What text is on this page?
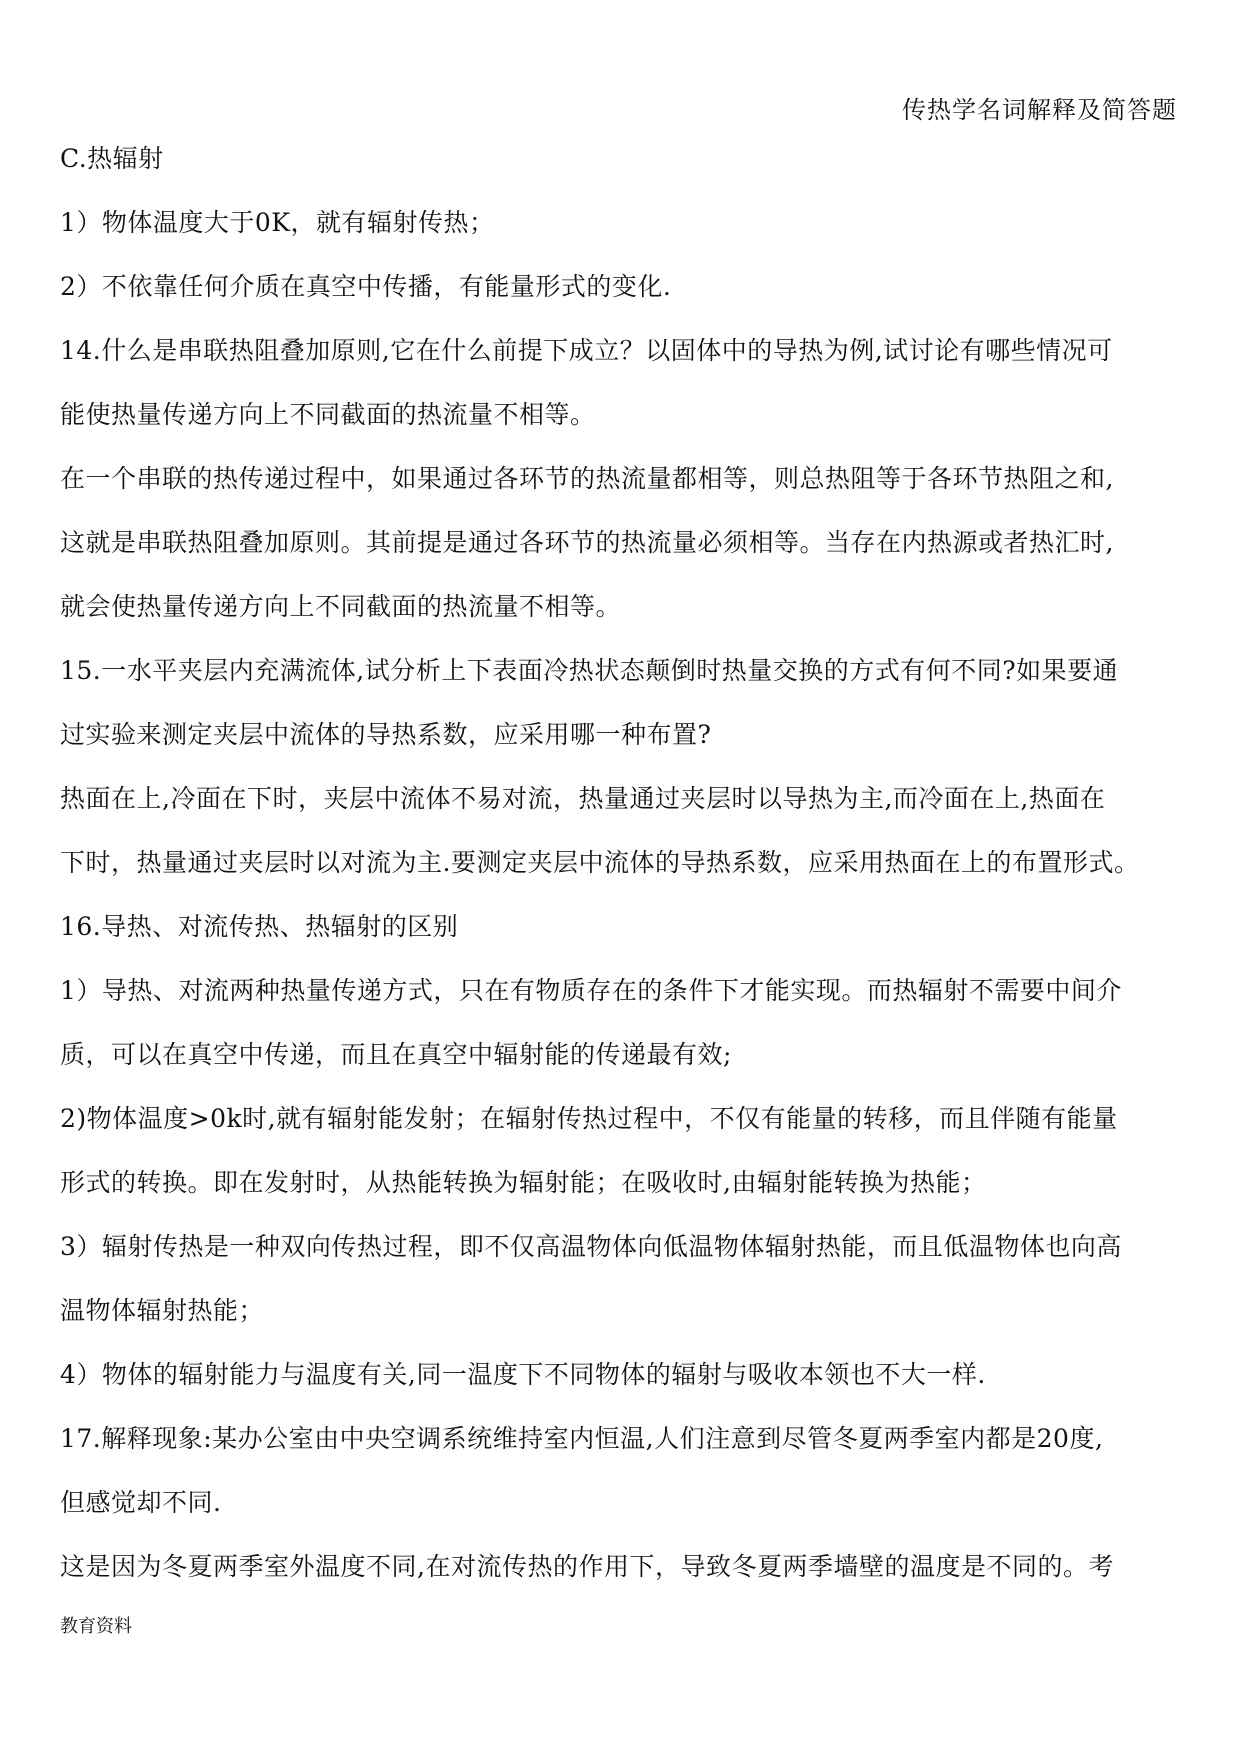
传热学名词解释及简答题
C.热辐射
1）物体温度大于0K，就有辐射传热；
2）不依靠任何介质在真空中传播，有能量形式的变化.
14.什么是串联热阻叠加原则,它在什么前提下成立？以固体中的导热为例,试讨论有哪些情况可
能使热量传递方向上不同截面的热流量不相等。
在一个串联的热传递过程中，如果通过各环节的热流量都相等，则总热阻等于各环节热阻之和,
这就是串联热阻叠加原则。其前提是通过各环节的热流量必须相等。当存在内热源或者热汇时,
就会使热量传递方向上不同截面的热流量不相等。
15.一水平夹层内充满流体,试分析上下表面冷热状态颠倒时热量交换的方式有何不同?如果要通
过实验来测定夹层中流体的导热系数，应采用哪一种布置?
热面在上,冷面在下时，夹层中流体不易对流，热量通过夹层时以导热为主,而冷面在上,热面在
下时，热量通过夹层时以对流为主.要测定夹层中流体的导热系数，应采用热面在上的布置形式。
16.导热、对流传热、热辐射的区别
1）导热、对流两种热量传递方式，只在有物质存在的条件下才能实现。而热辐射不需要中间介
质，可以在真空中传递，而且在真空中辐射能的传递最有效;
2)物体温度>0k时,就有辐射能发射；在辐射传热过程中，不仅有能量的转移，而且伴随有能量
形式的转换。即在发射时，从热能转换为辐射能；在吸收时,由辐射能转换为热能；
3）辐射传热是一种双向传热过程，即不仅高温物体向低温物体辐射热能，而且低温物体也向高
温物体辐射热能；
4）物体的辐射能力与温度有关,同一温度下不同物体的辐射与吸收本领也不大一样.
17.解释现象:某办公室由中央空调系统维持室内恒温,人们注意到尽管冬夏两季室内都是20度,
但感觉却不同.
这是因为冬夏两季室外温度不同,在对流传热的作用下，导致冬夏两季墙壁的温度是不同的。考
教育资料
